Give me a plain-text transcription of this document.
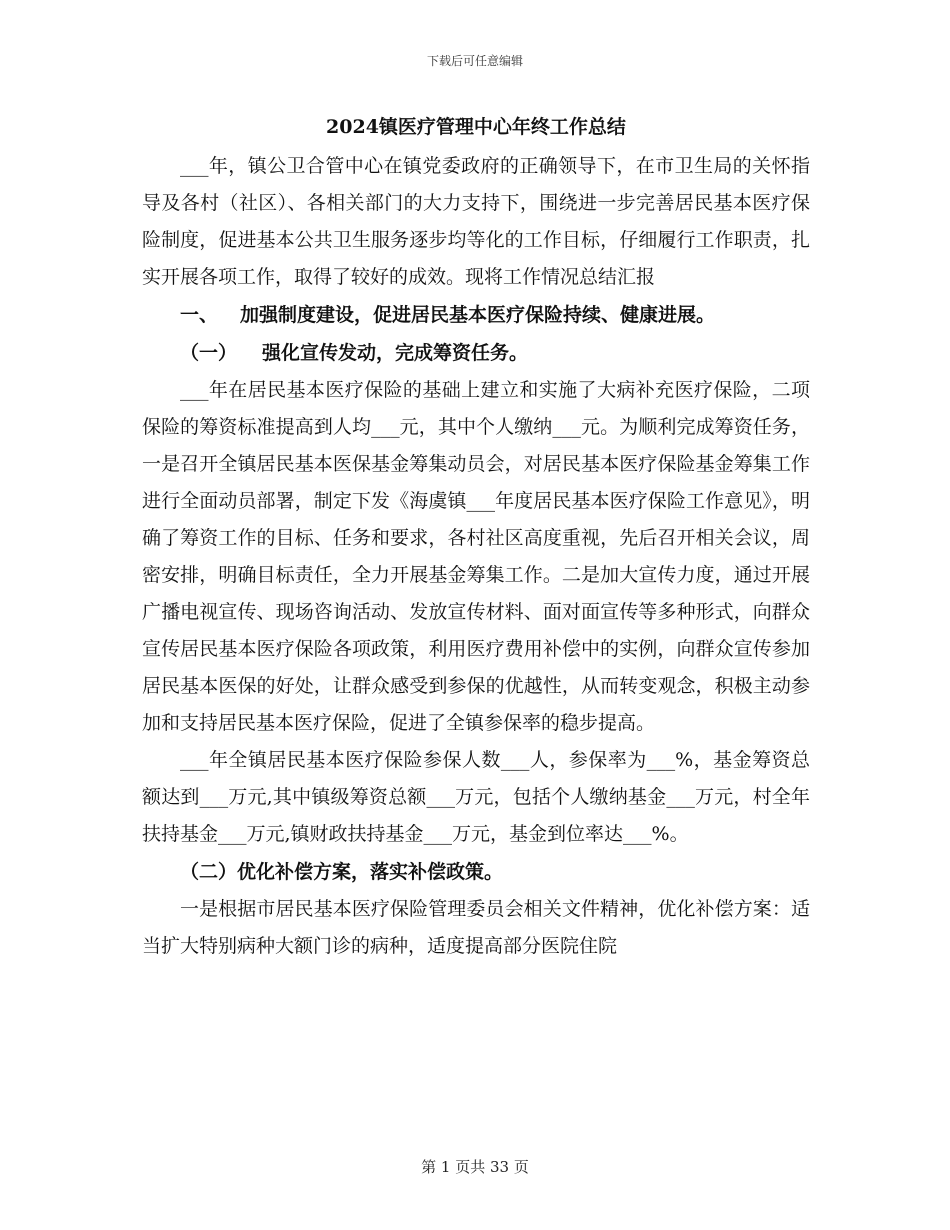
下载后可任意编辑
2024镇医疗管理中心年终工作总结

___年，镇公卫合管中心在镇党委政府的正确领导下，在市卫生局的关怀指导及各村（社区）、各相关部门的大力支持下，围绕进一步完善居民基本医疗保险制度，促进基本公共卫生服务逐步均等化的工作目标，仔细履行工作职责，扎实开展各项工作，取得了较好的成效。现将工作情况总结汇报

一、 加强制度建设，促进居民基本医疗保险持续、健康进展。

（一） 强化宣传发动，完成筹资任务。

___年在居民基本医疗保险的基础上建立和实施了大病补充医疗保险，二项保险的筹资标准提高到人均___元，其中个人缴纳___元。为顺利完成筹资任务，一是召开全镇居民基本医保基金筹集动员会，对居民基本医疗保险基金筹集工作进行全面动员部署，制定下发《海虞镇___年度居民基本医疗保险工作意见》，明确了筹资工作的目标、任务和要求，各村社区高度重视，先后召开相关会议，周密安排，明确目标责任，全力开展基金筹集工作。二是加大宣传力度，通过开展广播电视宣传、现场咨询活动、发放宣传材料、面对面宣传等多种形式，向群众宣传居民基本医疗保险各项政策，利用医疗费用补偿中的实例，向群众宣传参加居民基本医保的好处，让群众感受到参保的优越性，从而转变观念，积极主动参加和支持居民基本医疗保险，促进了全镇参保率的稳步提高。

___年全镇居民基本医疗保险参保人数___人，参保率为___%，基金筹资总额达到___万元,其中镇级筹资总额___万元，包括个人缴纳基金___万元，村全年扶持基金___万元,镇财政扶持基金___万元，基金到位率达___%。

（二）优化补偿方案，落实补偿政策。

一是根据市居民基本医疗保险管理委员会相关文件精神，优化补偿方案：适当扩大特别病种大额门诊的病种，适度提高部分医院住院

第 1 页共 33 页
